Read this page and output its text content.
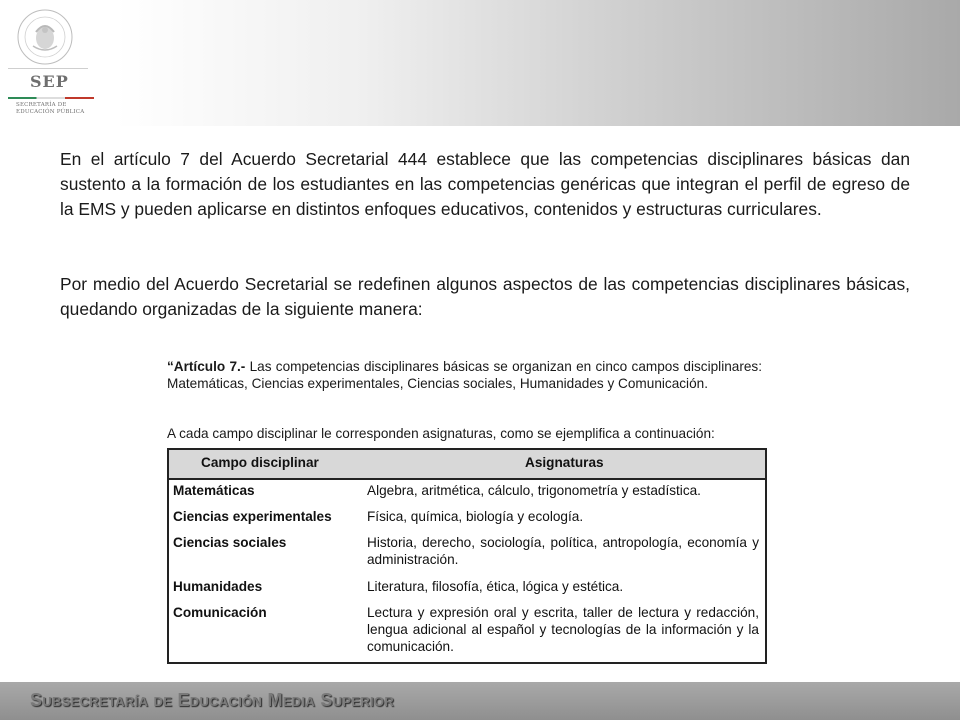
SEP
SECRETARÍA DE EDUCACIÓN PÚBLICA

En el artículo 7 del Acuerdo Secretarial 444 establece que las competencias disciplinares básicas dan sustento a la formación de los estudiantes en las competencias genéricas que integran el perfil de egreso de la EMS y pueden aplicarse en distintos enfoques educativos, contenidos y estructuras curriculares.

Por medio del Acuerdo Secretarial se redefinen algunos aspectos de las competencias disciplinares básicas, quedando organizadas de la siguiente manera:

“Artículo 7.- Las competencias disciplinares básicas se organizan en cinco campos disciplinares: Matemáticas, Ciencias experimentales, Ciencias sociales, Humanidades y Comunicación.

A cada campo disciplinar le corresponden asignaturas, como se ejemplifica a continuación:

Campo disciplinar	Asignaturas
Matemáticas	Algebra, aritmética, cálculo, trigonometría y estadística.
Ciencias experimentales	Física, química, biología y ecología.
Ciencias sociales	Historia, derecho, sociología, política, antropología, economía y administración.
Humanidades	Literatura, filosofía, ética, lógica y estética.
Comunicación	Lectura y expresión oral y escrita, taller de lectura y redacción, lengua adicional al español y tecnologías de la información y la comunicación.
Subsecretaría de Educación Media Superior
